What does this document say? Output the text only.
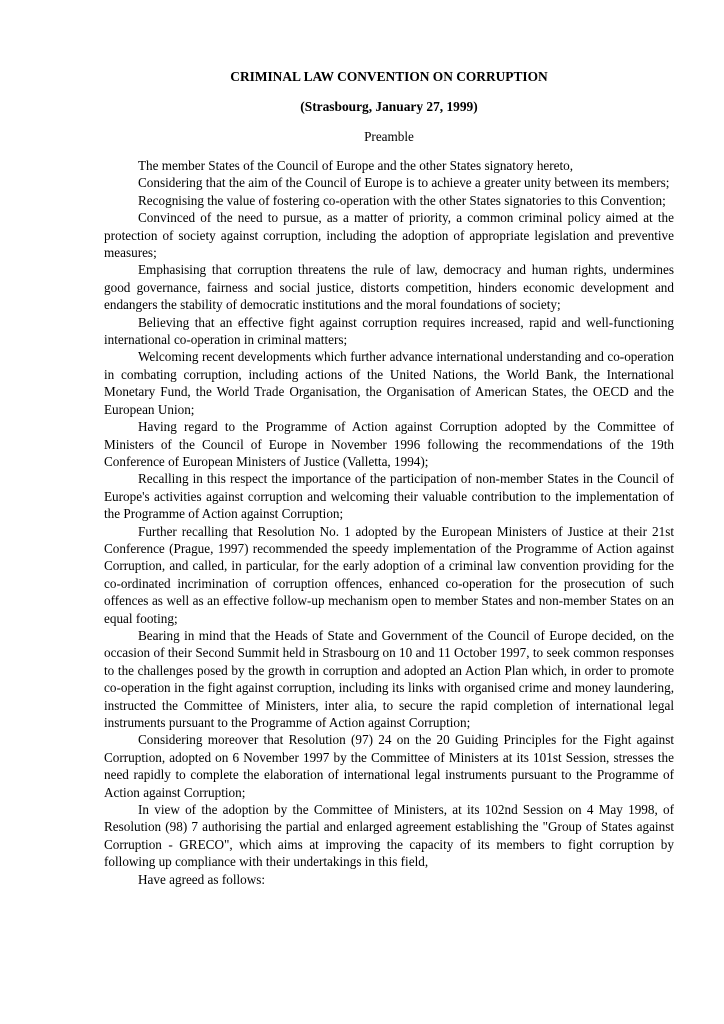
CRIMINAL LAW CONVENTION ON CORRUPTION
(Strasbourg, January 27, 1999)
Preamble

The member States of the Council of Europe and the other States signatory hereto,

Considering that the aim of the Council of Europe is to achieve a greater unity between its members;

Recognising the value of fostering co-operation with the other States signatories to this Convention;

Convinced of the need to pursue, as a matter of priority, a common criminal policy aimed at the protection of society against corruption, including the adoption of appropriate legislation and preventive measures;

Emphasising that corruption threatens the rule of law, democracy and human rights, undermines good governance, fairness and social justice, distorts competition, hinders economic development and endangers the stability of democratic institutions and the moral foundations of society;

Believing that an effective fight against corruption requires increased, rapid and well-functioning international co-operation in criminal matters;

Welcoming recent developments which further advance international understanding and co-operation in combating corruption, including actions of the United Nations, the World Bank, the International Monetary Fund, the World Trade Organisation, the Organisation of American States, the OECD and the European Union;

Having regard to the Programme of Action against Corruption adopted by the Committee of Ministers of the Council of Europe in November 1996 following the recommendations of the 19th Conference of European Ministers of Justice (Valletta, 1994);

Recalling in this respect the importance of the participation of non-member States in the Council of Europe's activities against corruption and welcoming their valuable contribution to the implementation of the Programme of Action against Corruption;

Further recalling that Resolution No. 1 adopted by the European Ministers of Justice at their 21st Conference (Prague, 1997) recommended the speedy implementation of the Programme of Action against Corruption, and called, in particular, for the early adoption of a criminal law convention providing for the co-ordinated incrimination of corruption offences, enhanced co-operation for the prosecution of such offences as well as an effective follow-up mechanism open to member States and non-member States on an equal footing;

Bearing in mind that the Heads of State and Government of the Council of Europe decided, on the occasion of their Second Summit held in Strasbourg on 10 and 11 October 1997, to seek common responses to the challenges posed by the growth in corruption and adopted an Action Plan which, in order to promote co-operation in the fight against corruption, including its links with organised crime and money laundering, instructed the Committee of Ministers, inter alia, to secure the rapid completion of international legal instruments pursuant to the Programme of Action against Corruption;

Considering moreover that Resolution (97) 24 on the 20 Guiding Principles for the Fight against Corruption, adopted on 6 November 1997 by the Committee of Ministers at its 101st Session, stresses the need rapidly to complete the elaboration of international legal instruments pursuant to the Programme of Action against Corruption;

In view of the adoption by the Committee of Ministers, at its 102nd Session on 4 May 1998, of Resolution (98) 7 authorising the partial and enlarged agreement establishing the "Group of States against Corruption - GRECO", which aims at improving the capacity of its members to fight corruption by following up compliance with their undertakings in this field,

Have agreed as follows:
